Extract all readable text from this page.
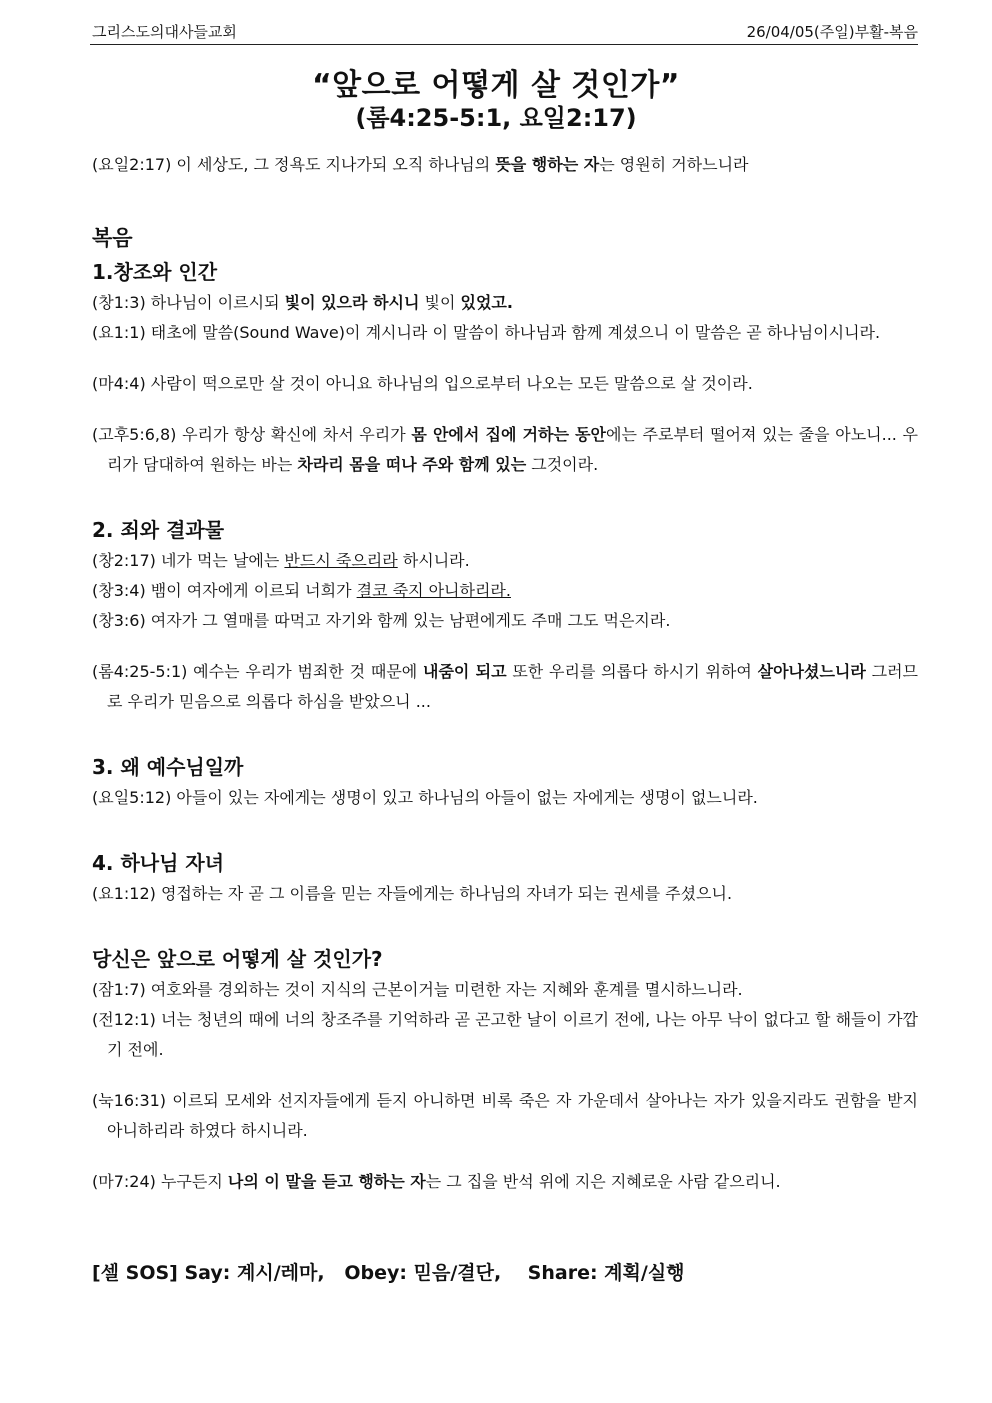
그리스도의대사들교회	26/04/05(주일)부활-복음
“앞으로 어떻게 살 것인가”
(롬4:25-5:1, 요일2:17)

(요일2:17) 이 세상도, 그 정욕도 지나가되 오직 하나님의 뜻을 행하는 자는 영원히 거하느니라

복음

1.창조와 인간

(창1:3) 하나님이 이르시되 빛이 있으라 하시니 빛이 있었고.

(요1:1) 태초에 말씀(Sound Wave)이 계시니라 이 말씀이 하나님과 함께 계셨으니 이 말씀은 곧 하나님이시니라.

(마4:4) 사람이 떡으로만 살 것이 아니요 하나님의 입으로부터 나오는 모든 말씀으로 살 것이라.

(고후5:6,8) 우리가 항상 확신에 차서 우리가 몸 안에서 집에 거하는 동안에는 주로부터 떨어져 있는 줄을 아노니... 우리가 담대하여 원하는 바는 차라리 몸을 떠나 주와 함께 있는 그것이라.

2. 죄와 결과물

(창2:17) 네가 먹는 날에는 반드시 죽으리라 하시니라.

(창3:4) 뱀이 여자에게 이르되 너희가 결코 죽지 아니하리라.

(창3:6) 여자가 그 열매를 따먹고 자기와 함께 있는 남편에게도 주매 그도 먹은지라.

(롬4:25-5:1) 예수는 우리가 범죄한 것 때문에 내줌이 되고 또한 우리를 의롭다 하시기 위하여 살아나셨느니라 그러므로 우리가 믿음으로 의롭다 하심을 받았으니 ...

3. 왜 예수님일까

(요일5:12) 아들이 있는 자에게는 생명이 있고 하나님의 아들이 없는 자에게는 생명이 없느니라.

4. 하나님 자녀

(요1:12) 영접하는 자 곧 그 이름을 믿는 자들에게는 하나님의 자녀가 되는 권세를 주셨으니.

당신은 앞으로 어떻게 살 것인가?

(잠1:7) 여호와를 경외하는 것이 지식의 근본이거늘 미련한 자는 지혜와 훈계를 멸시하느니라.

(전12:1) 너는 청년의 때에 너의 창조주를 기억하라 곧 곤고한 날이 이르기 전에, 나는 아무 낙이 없다고 할 해들이 가깝기 전에.

(눅16:31) 이르되 모세와 선지자들에게 듣지 아니하면 비록 죽은 자 가운데서 살아나는 자가 있을지라도 권함을 받지 아니하리라 하였다 하시니라.

(마7:24) 누구든지 나의 이 말을 듣고 행하는 자는 그 집을 반석 위에 지은 지혜로운 사람 같으리니.

[셀 SOS] Say: 계시/레마,   Obey: 믿음/결단,    Share: 계획/실행
